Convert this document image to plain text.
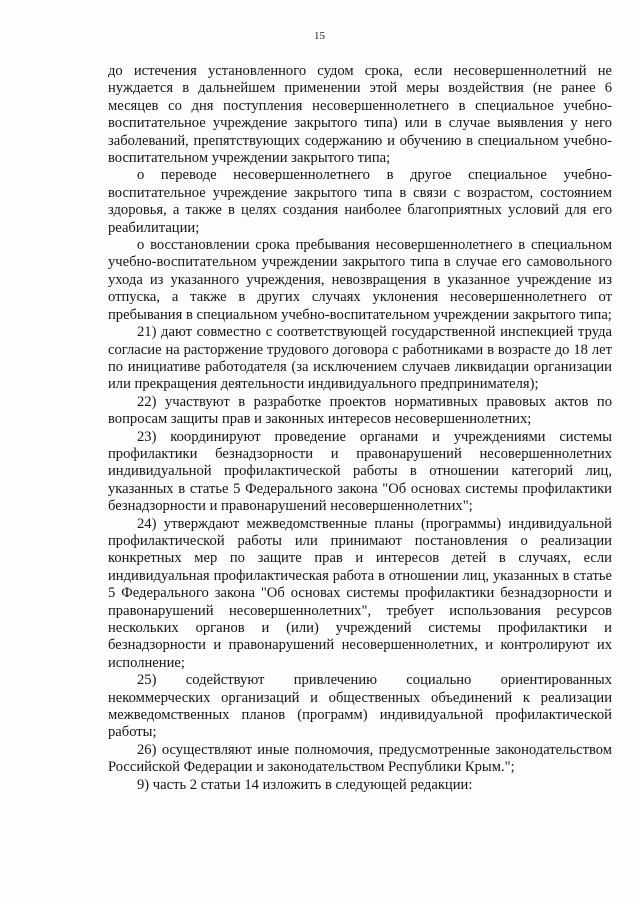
15

до истечения установленного судом срока, если несовершеннолетний не нуждается в дальнейшем применении этой меры воздействия (не ранее 6 месяцев со дня поступления несовершеннолетнего в специальное учебно-воспитательное учреждение закрытого типа) или в случае выявления у него заболеваний, препятствующих содержанию и обучению в специальном учебно-воспитательном учреждении закрытого типа;

о переводе несовершеннолетнего в другое специальное учебно-воспитательное учреждение закрытого типа в связи с возрастом, состоянием здоровья, а также в целях создания наиболее благоприятных условий для его реабилитации;

о восстановлении срока пребывания несовершеннолетнего в специальном учебно-воспитательном учреждении закрытого типа в случае его самовольного ухода из указанного учреждения, невозвращения в указанное учреждение из отпуска, а также в других случаях уклонения несовершеннолетнего от пребывания в специальном учебно-воспитательном учреждении закрытого типа;

21) дают совместно с соответствующей государственной инспекцией труда согласие на расторжение трудового договора с работниками в возрасте до 18 лет по инициативе работодателя (за исключением случаев ликвидации организации или прекращения деятельности индивидуального предпринимателя);

22) участвуют в разработке проектов нормативных правовых актов по вопросам защиты прав и законных интересов несовершеннолетних;

23) координируют проведение органами и учреждениями системы профилактики безнадзорности и правонарушений несовершеннолетних индивидуальной профилактической работы в отношении категорий лиц, указанных в статье 5 Федерального закона "Об основах системы профилактики безнадзорности и правонарушений несовершеннолетних";

24) утверждают межведомственные планы (программы) индивидуальной профилактической работы или принимают постановления о реализации конкретных мер по защите прав и интересов детей в случаях, если индивидуальная профилактическая работа в отношении лиц, указанных в статье 5 Федерального закона "Об основах системы профилактики безнадзорности и правонарушений несовершеннолетних", требует использования ресурсов нескольких органов и (или) учреждений системы профилактики и безнадзорности и правонарушений несовершеннолетних, и контролируют их исполнение;

25) содействуют привлечению социально ориентированных некоммерческих организаций и общественных объединений к реализации межведомственных планов (программ) индивидуальной профилактической работы;

26) осуществляют иные полномочия, предусмотренные законодательством Российской Федерации и законодательством Республики Крым.";

9) часть 2 статьи 14 изложить в следующей редакции:
